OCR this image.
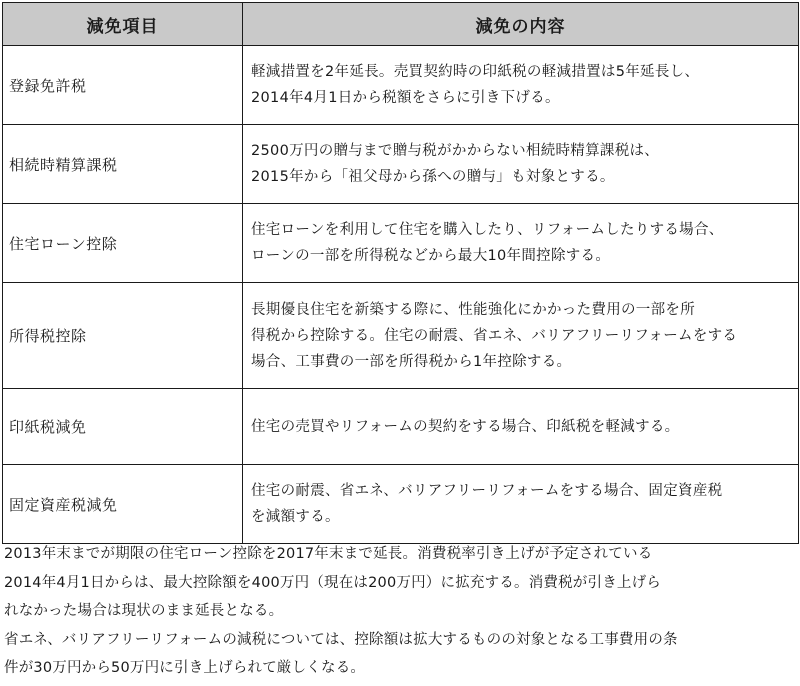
減免項目	減免の内容
登録免許税	軽減措置を2年延長。売買契約時の印紙税の軽減措置は5年延長し、
2014年4月1日から税額をさらに引き下げる。

相続時精算課税	2500万円の贈与まで贈与税がかからない相続時精算課税は、
2015年から「祖父母から孫への贈与」も対象とする。

住宅ローン控除	住宅ローンを利用して住宅を購入したり、リフォームしたりする場合、
ローンの一部を所得税などから最大10年間控除する。

所得税控除	長期優良住宅を新築する際に、性能強化にかかった費用の一部を所
得税から控除する。住宅の耐震、省エネ、バリアフリーリフォームをする
場合、工事費の一部を所得税から1年控除する。

印紙税減免	住宅の売買やリフォームの契約をする場合、印紙税を軽減する。

固定資産税減免	住宅の耐震、省エネ、バリアフリーリフォームをする場合、固定資産税
を減額する。

2013年末までが期限の住宅ローン控除を2017年末まで延長。消費税率引き上げが予定されている

2014年4月1日からは、最大控除額を400万円（現在は200万円）に拡充する。消費税が引き上げら

れなかった場合は現状のまま延長となる。

省エネ、バリアフリーリフォームの減税については、控除額は拡大するものの対象となる工事費用の条

件が30万円から50万円に引き上げられて厳しくなる。
